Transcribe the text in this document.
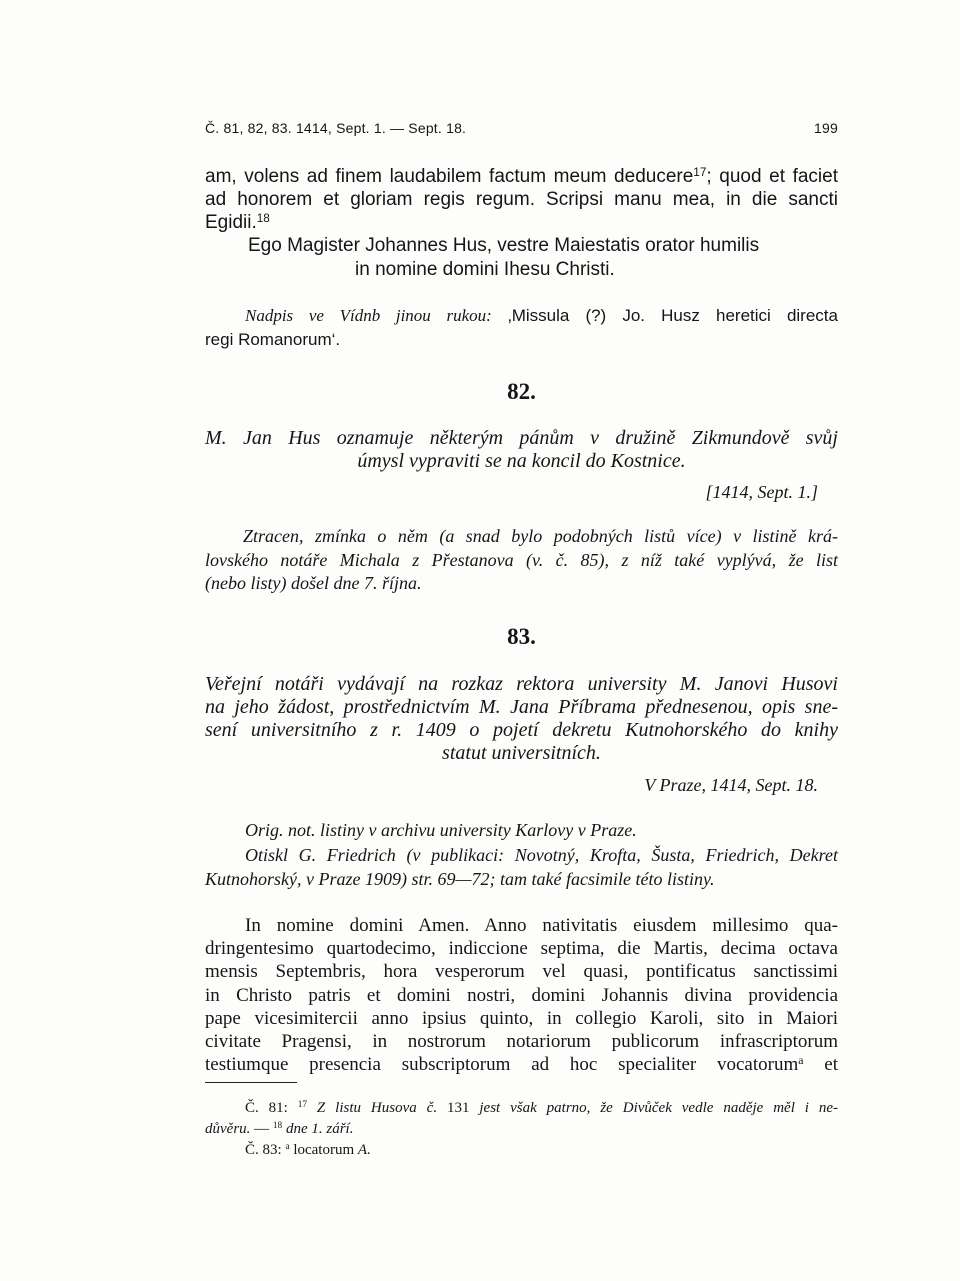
Č. 81, 82, 83. 1414, Sept. 1. — Sept. 18.	199
am, volens ad finem laudabilem factum meum deducere$^{17}$; quod et faciet
ad honorem et gloriam regis regum. Scripsi manu mea, in die sancti
Egidii.$^{18}$
Ego Magister Johannes Hus, vestre Maiestatis orator humilis
in nomine domini Ihesu Christi.
Nadpis ve Vídnb jinou rukou: ‚Missula (?) Jo. Husz heretici directa
regi Romanorum‘.
82.
M. Jan Hus oznamuje některým pánům v družině Zikmundově svůj
úmysl vypraviti se na koncil do Kostnice.
[1414, Sept. 1.]
Ztracen, zmínka o něm (a snad bylo podobných listů více) v listině krá-
lovského notáře Michala z Přestanova (v. č. 85), z níž také vyplývá, že list
(nebo listy) došel dne 7. října.
83.
Veřejní notáři vydávají na rozkaz rektora university M. Janovi Husovi
na jeho žádost, prostřednictvím M. Jana Příbrama přednesenou, opis sne-
sení universitního z r. 1409 o pojetí dekretu Kutnohorského do knihy
statut universitních.
V Praze, 1414, Sept. 18.
Orig. not. listiny v archivu university Karlovy v Praze.
Otiskl G. Friedrich (v publikaci: Novotný, Krofta, Šusta, Friedrich, Dekret
Kutnohorský, v Praze 1909) str. 69—72; tam také facsimile této listiny.
In nomine domini Amen. Anno nativitatis eiusdem millesimo qua-
dringentesimo quartodecimo, indiccione septima, die Martis, decima octava
mensis Septembris, hora vesperorum vel quasi, pontificatus sanctissimi
in Christo patris et domini nostri, domini Johannis divina providencia
pape vicesimitercii anno ipsius quinto, in collegio Karoli, sito in Maiori
civitate Pragensi, in nostrorum notariorum publicorum infrascriptorum
testiumque presencia subscriptorum ad hoc specialiter vocatorum$^a$ et
Č. 81: $^{17}$ Z listu Husova č. 131 jest však patrno, že Divůček vedle naděje měl i ne-
důvěru. — $^{18}$ dne 1. září.
Č. 83: $^a$ locatorum A.
